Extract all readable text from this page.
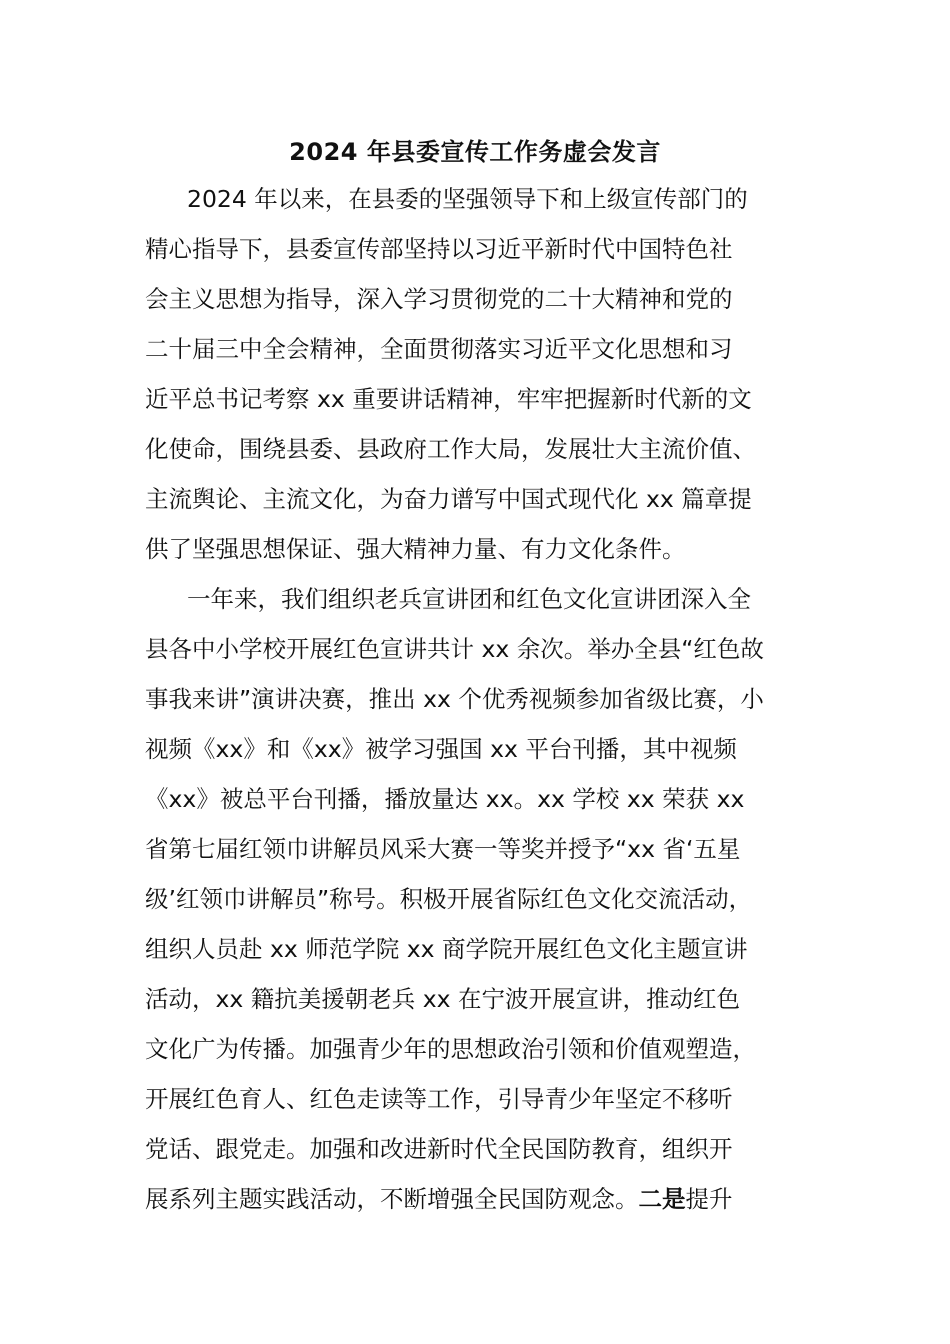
2024 年县委宣传工作务虚会发言
2024 年以来，在县委的坚强领导下和上级宣传部门的
精心指导下，县委宣传部坚持以习近平新时代中国特色社
会主义思想为指导，深入学习贯彻党的二十大精神和党的
二十届三中全会精神，全面贯彻落实习近平文化思想和习
近平总书记考察 xx 重要讲话精神，牢牢把握新时代新的文
化使命，围绕县委、县政府工作大局，发展壮大主流价值、
主流舆论、主流文化，为奋力谱写中国式现代化 xx 篇章提
供了坚强思想保证、强大精神力量、有力文化条件。
一年来，我们组织老兵宣讲团和红色文化宣讲团深入全
县各中小学校开展红色宣讲共计 xx 余次。举办全县“红色故
事我来讲”演讲决赛，推出 xx 个优秀视频参加省级比赛，小
视频《xx》和《xx》被学习强国 xx 平台刊播，其中视频
《xx》被总平台刊播，播放量达 xx。xx 学校 xx 荣获 xx
省第七届红领巾讲解员风采大赛一等奖并授予“xx 省‘五星
级’红领巾讲解员”称号。积极开展省际红色文化交流活动，
组织人员赴 xx 师范学院 xx 商学院开展红色文化主题宣讲
活动，xx 籍抗美援朝老兵 xx 在宁波开展宣讲，推动红色
文化广为传播。加强青少年的思想政治引领和价值观塑造，
开展红色育人、红色走读等工作，引导青少年坚定不移听
党话、跟党走。加强和改进新时代全民国防教育，组织开
展系列主题实践活动，不断增强全民国防观念。二是提升
